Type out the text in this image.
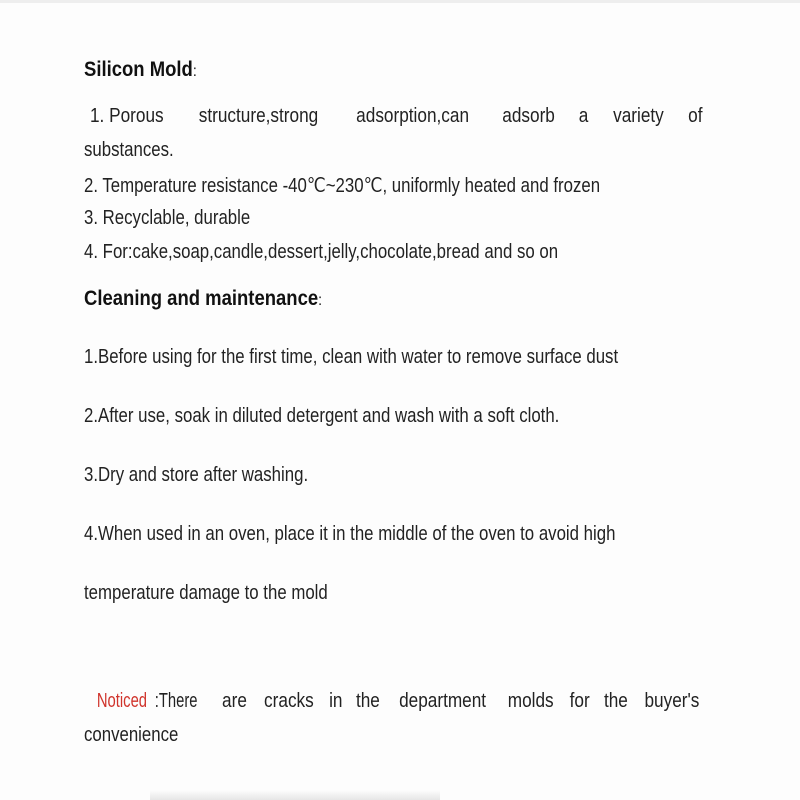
Silicon Mold:
1. Porous structure,strong adsorption,can adsorb a variety of
substances.
2. Temperature resistance -40℃~230℃, uniformly heated and frozen
3. Recyclable, durable
4. For:cake,soap,candle,dessert,jelly,chocolate,bread and so on
Cleaning and maintenance:
1.Before using for the first time, clean with water to remove surface dust
2.After use, soak in diluted detergent and wash with a soft cloth.
3.Dry and store after washing.
4.When used in an oven, place it in the middle of the oven to avoid high
temperature damage to the mold
Noticed :There are cracks in the department molds for the buyer's
convenience
